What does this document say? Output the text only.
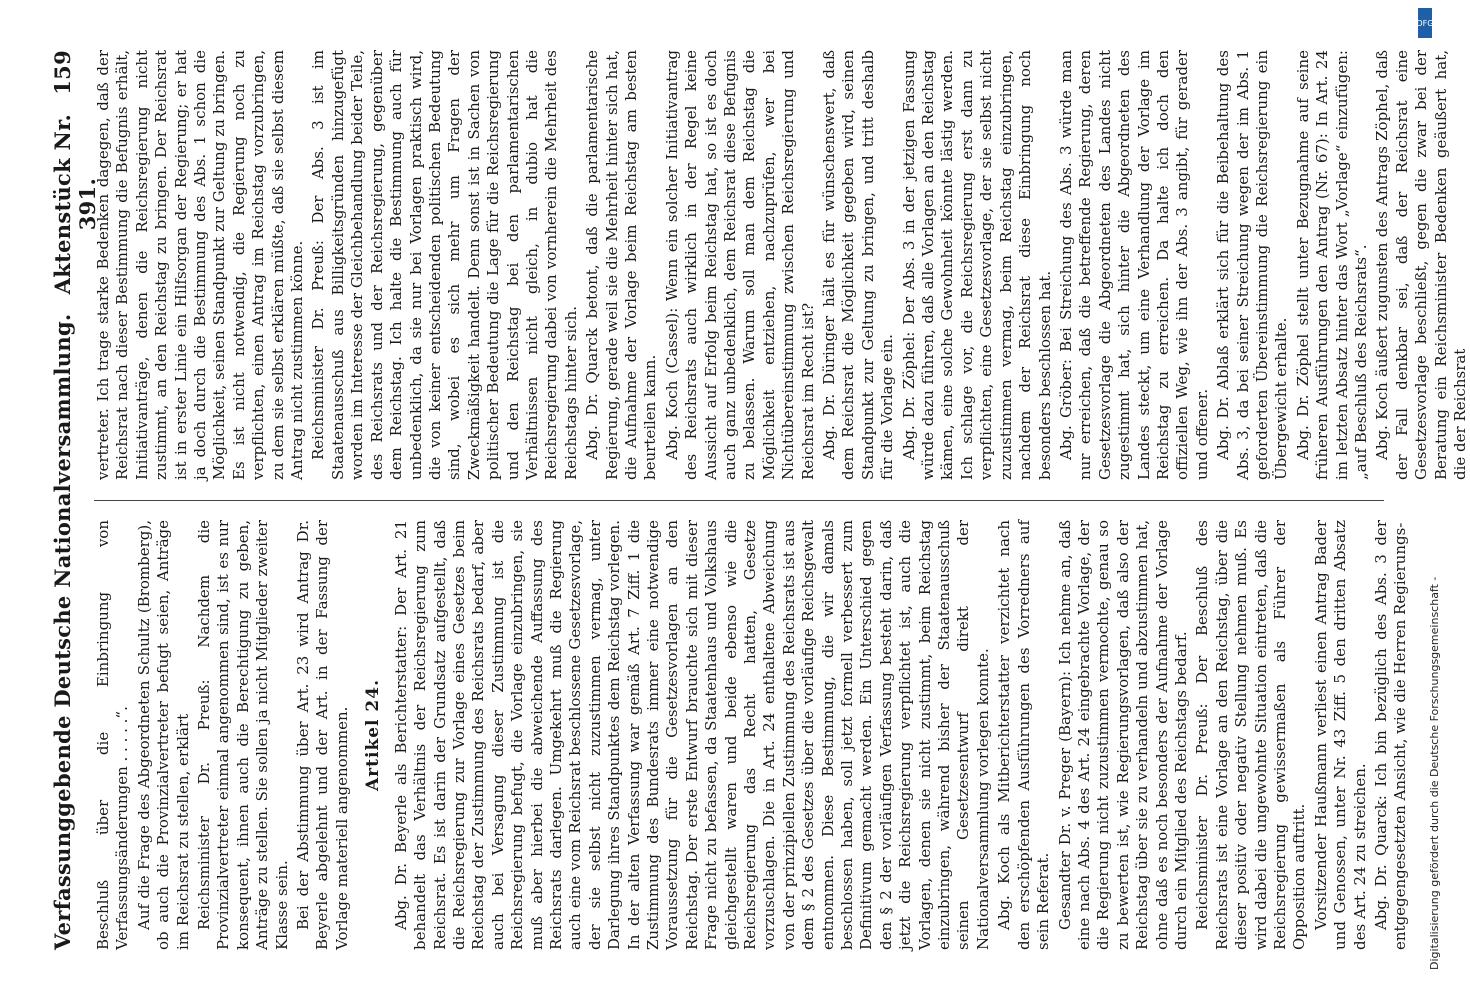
Verfassunggebende Deutsche Nationalversammlung.
Aktenstück Nr. 391.
159

Beschluß über die Einbringung von Verfassungsänderungen . . . . .“. Auf die Frage des Abgeordneten Schultz (Bromberg), ob auch die Provinzialvertreter befugt seien, Anträge im Reichsrat zu stellen, erklärt Reichsminister Dr. Preuß: Nachdem die Provinzialvertreter einmal angenommen sind, ist es nur konsequent, ihnen auch die Berechtigung zu geben, Anträge zu stellen. Sie sollen ja nicht Mitglieder zweiter Klasse sein. Bei der Abstimmung über Art. 23 wird Antrag Dr. Beyerle abgelehnt und der Art. in der Fassung der Vorlage materiell angenommen. Artikel 24. Abg. Dr. Beyerle als Berichterstatter: Der Art. 21 behandelt das Verhältnis der Reichsregierung zum Reichsrat. Es ist darin der Grundsatz aufgestellt, daß die Reichsregierung zur Vorlage eines Gesetzes beim Reichstag der Zustimmung des Reichsrats bedarf, aber auch bei Versagung dieser Zustimmung ist die Reichsregierung befugt, die Vorlage einzubringen, sie muß aber hierbei die abweichende Auffassung des Reichsrats darlegen. Umgekehrt muß die Regierung auch eine vom Reichsrat beschlossene Gesetzesvorlage, der sie selbst nicht zuzustimmen vermag, unter Darlegung ihres Standpunktes dem Reichstag vorlegen. In der alten Verfassung war gemäß Art. 7 Ziff. 1 die Zustimmung des Bundesrats immer eine notwendige Voraussetzung für die Gesetzesvorlagen an den Reichstag. Der erste Entwurf brauchte sich mit dieser Frage nicht zu befassen, da Staatenhaus und Volkshaus gleichgestellt waren und beide ebenso wie die Reichsregierung das Recht hatten, Gesetze vorzuschlagen. Die in Art. 24 enthaltene Abweichung von der prinzipiellen Zustimmung des Reichsrats ist aus dem § 2 des Gesetzes über die vorläufige Reichsgewalt entnommen. Diese Bestimmung, die wir damals beschlossen haben, soll jetzt formell verbessert zum Definitivum gemacht werden. Ein Unterschied gegen den § 2 der vorläufigen Verfassung besteht darin, daß jetzt die Reichsregierung verpflichtet ist, auch die Vorlagen, denen sie nicht zustimmt, beim Reichstag einzubringen, während bisher der Staatenausschuß seinen Gesetzesentwurf direkt der Nationalversammlung vorlegen konnte. Abg. Koch als Mitberichterstatter verzichtet nach den erschöpfenden Ausführungen des Vorredners auf sein Referat. Gesandter Dr. v. Preger (Bayern): Ich nehme an, daß eine nach Abs. 4 des Art. 24 eingebrachte Vorlage, der die Regierung nicht zuzustimmen vermochte, genau so zu bewerten ist, wie Regierungsvorlagen, daß also der Reichstag über sie zu verhandeln und abzustimmen hat, ohne daß es noch besonders der Aufnahme der Vorlage durch ein Mitglied des Reichstags bedarf. Reichsminister Dr. Preuß: Der Beschluß des Reichsrats ist eine Vorlage an den Reichstag, über die dieser positiv oder negativ Stellung nehmen muß. Es wird dabei die ungewohnte Situation eintreten, daß die Reichsregierung gewissermaßen als Führer der Opposition auftritt. Vorsitzender Haußmann verliest einen Antrag Bader und Genossen, unter Nr. 43 Ziff. 5 den dritten Absatz des Art. 24 zu streichen. Abg. Dr. Quarck: Ich bin bezüglich des Abs. 3 der entgegengesetzten Ansicht, wie die Herren Regierungs-

vertreter. Ich trage starke Bedenken dagegen, daß der Reichsrat nach dieser Bestimmung die Befugnis erhält, Initiativanträge, denen die Reichsregierung nicht zustimmt, an den Reichstag zu bringen. Der Reichsrat ist in erster Linie ein Hilfsorgan der Regierung; er hat ja doch durch die Bestimmung des Abs. 1 schon die Möglichkeit, seinen Standpunkt zur Geltung zu bringen. Es ist nicht notwendig, die Regierung noch zu verpflichten, einen Antrag im Reichstag vorzubringen, zu dem sie selbst erklären müßte, daß sie selbst diesem Antrag nicht zustimmen könne. Reichsminister Dr. Preuß: Der Abs. 3 ist im Staatenausschuß aus Billigkeitsgründen hinzugefügt worden im Interesse der Gleichbehandlung beider Teile, des Reichsrats und der Reichsregierung, gegenüber dem Reichstag. Ich halte die Bestimmung auch für unbedenklich, da sie nur bei Vorlagen praktisch wird, die von keiner entscheidenden politischen Bedeutung sind, wobei es sich mehr um Fragen der Zweckmäßigkeit handelt. Denn sonst ist in Sachen von politischer Bedeutung die Lage für die Reichsregierung und den Reichstag bei den parlamentarischen Verhältnissen nicht gleich, in dubio hat die Reichsregierung dabei von vornherein die Mehrheit des Reichstags hinter sich. Abg. Dr. Quarck betont, daß die parlamentarische Regierung, gerade weil sie die Mehrheit hinter sich hat, die Aufnahme der Vorlage beim Reichstag am besten beurteilen kann. Abg. Koch (Cassel): Wenn ein solcher Initiativantrag des Reichsrats auch wirklich in der Regel keine Aussicht auf Erfolg beim Reichstag hat, so ist es doch auch ganz unbedenklich, dem Reichsrat diese Befugnis zu belassen. Warum soll man dem Reichstag die Möglichkeit entziehen, nachzuprüfen, wer bei Nichtübereinstimmung zwischen Reichsregierung und Reichsrat im Recht ist? Abg. Dr. Düringer hält es für wünschenswert, daß dem Reichsrat die Möglichkeit gegeben wird, seinen Standpunkt zur Geltung zu bringen, und tritt deshalb für die Vorlage ein. Abg. Dr. Zöphel: Der Abs. 3 in der jetzigen Fassung würde dazu führen, daß alle Vorlagen an den Reichstag kämen, eine solche Gewohnheit könnte lästig werden. Ich schlage vor, die Reichsregierung erst dann zu verpflichten, eine Gesetzesvorlage, der sie selbst nicht zuzustimmen vermag, beim Reichstag einzubringen, nachdem der Reichsrat diese Einbringung noch besonders beschlossen hat. Abg. Gröber: Bei Streichung des Abs. 3 würde man nur erreichen, daß die betreffende Regierung, deren Gesetzesvorlage die Abgeordneten des Landes nicht zugestimmt hat, sich hinter die Abgeordneten des Landes steckt, um eine Verhandlung der Vorlage im Reichstag zu erreichen. Da halte ich doch den offiziellen Weg, wie ihn der Abs. 3 angibt, für gerader und offener. Abg. Dr. Ablaß erklärt sich für die Beibehaltung des Abs. 3, da bei seiner Streichung wegen der im Abs. 1 geforderten Übereinstimmung die Reichsregierung ein Übergewicht erhalte. Abg. Dr. Zöphel stellt unter Bezugnahme auf seine früheren Ausführungen den Antrag (Nr. 67): In Art. 24 im letzten Absatz hinter das Wort „Vorlage“ einzufügen: „auf Beschluß des Reichsrats“. Abg. Koch äußert zugunsten des Antrags Zöphel, daß der Fall denkbar sei, daß der Reichsrat eine Gesetzesvorlage beschließt, gegen die zwar bei der Beratung ein Reichsminister Bedenken geäußert hat, die der Reichsrat

DFG
Digitalisierung gefördert durch die Deutsche Forschungsgemeinschaft -
